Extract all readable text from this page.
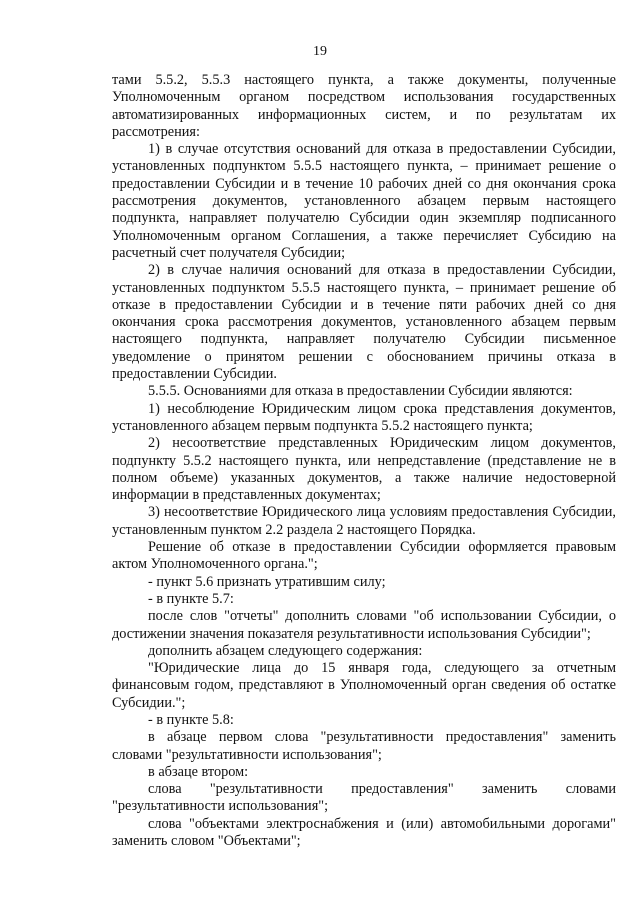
19

тами 5.5.2, 5.5.3 настоящего пункта, а также документы, полученные Уполномоченным органом посредством использования государственных автоматизированных информационных систем, и по результатам их рассмотрения:

1) в случае отсутствия оснований для отказа в предоставлении Субсидии, установленных подпунктом 5.5.5 настоящего пункта, – принимает решение о предоставлении Субсидии и в течение 10 рабочих дней со дня окончания срока рассмотрения документов, установленного абзацем первым настоящего подпункта, направляет получателю Субсидии один экземпляр подписанного Уполномоченным органом Соглашения, а также перечисляет Субсидию на расчетный счет получателя Субсидии;

2) в случае наличия оснований для отказа в предоставлении Субсидии, установленных подпунктом 5.5.5 настоящего пункта, – принимает решение об отказе в предоставлении Субсидии и в течение пяти рабочих дней со дня окончания срока рассмотрения документов, установленного абзацем первым настоящего подпункта, направляет получателю Субсидии письменное уведомление о принятом решении с обоснованием причины отказа в предоставлении Субсидии.

5.5.5. Основаниями для отказа в предоставлении Субсидии являются:

1) несоблюдение Юридическим лицом срока представления документов, установленного абзацем первым подпункта 5.5.2 настоящего пункта;

2) несоответствие представленных Юридическим лицом документов, подпункту 5.5.2 настоящего пункта, или непредставление (представление не в полном объеме) указанных документов, а также наличие недостоверной информации в представленных документах;

3) несоответствие Юридического лица условиям предоставления Субсидии, установленным пунктом 2.2 раздела 2 настоящего Порядка.

Решение об отказе в предоставлении Субсидии оформляется правовым актом Уполномоченного органа.";

- пункт 5.6 признать утратившим силу;

- в пункте 5.7:

после слов "отчеты" дополнить словами "об использовании Субсидии, о достижении значения показателя результативности использования Субсидии";

дополнить абзацем следующего содержания:

"Юридические лица до 15 января года, следующего за отчетным финансовым годом, представляют в Уполномоченный орган сведения об остатке Субсидии.";

- в пункте 5.8:

в абзаце первом слова "результативности предоставления" заменить словами "результативности использования";

в абзаце втором:

слова "результативности предоставления" заменить словами "результативности использования";

слова "объектами электроснабжения и (или) автомобильными дорогами" заменить словом "Объектами";
